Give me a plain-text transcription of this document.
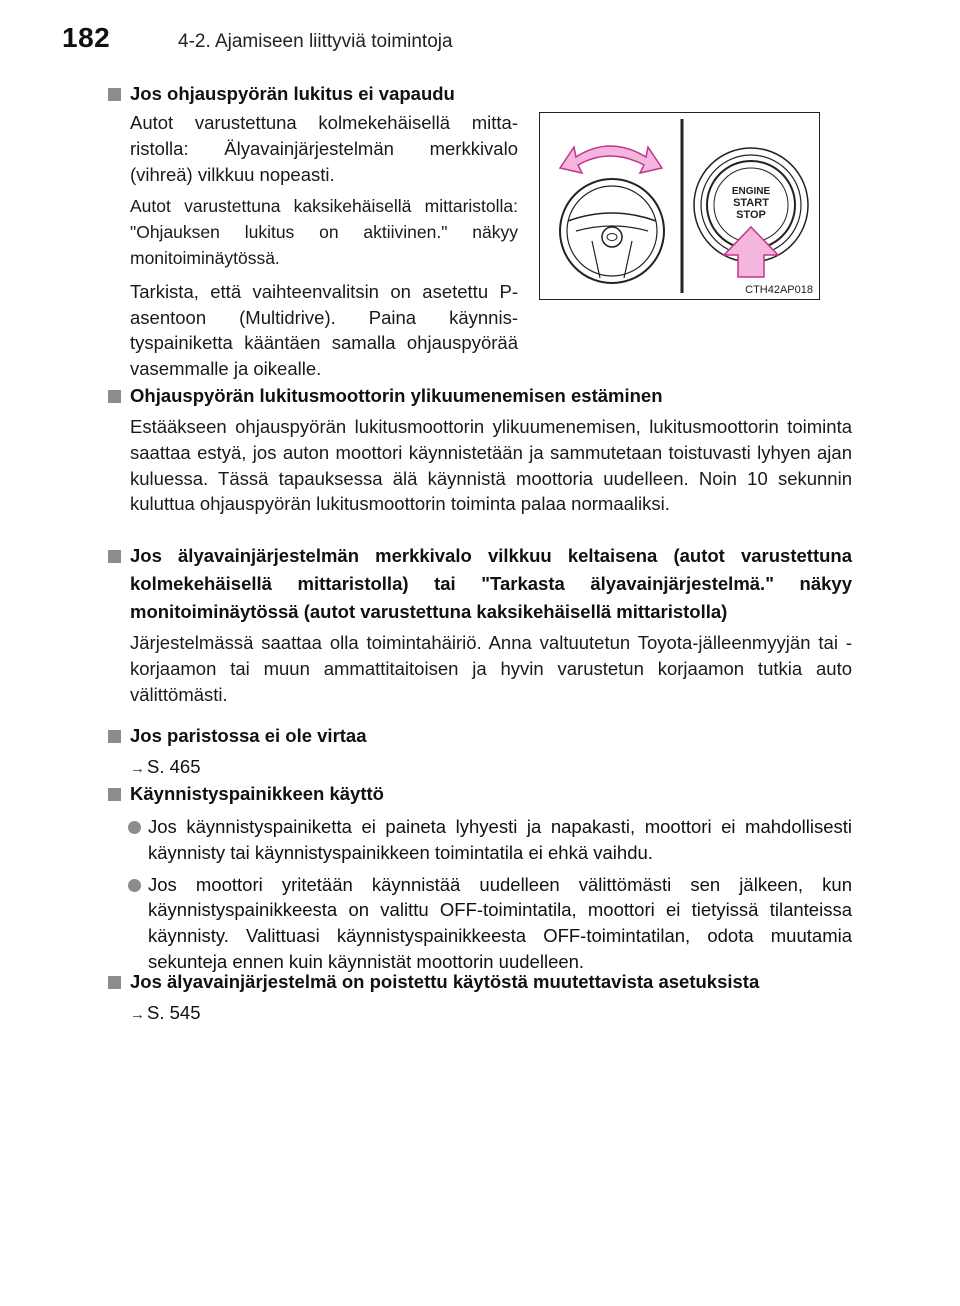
182	4-2. Ajamiseen liittyviä toimintoja
Jos ohjauspyörän lukitus ei vapaudu
Autot varustettuna kolmekehäisellä mittaristolla: Älyavainjärjestelmän merkkivalo (vihreä) vilkkuu nopeasti.
Autot varustettuna kaksikehäisellä mittaristolla: "Ohjauksen lukitus on aktiivinen." näkyy monitoiminäytössä.
Tarkista, että vaihteenvalitsin on asetettu P-asentoon (Multidrive). Paina käynnistyspainiketta kääntäen samalla ohjauspyörää vasemmalle ja oikealle.
ENGINE
START
STOP
CTH42AP018
Ohjauspyörän lukitusmoottorin ylikuumenemisen estäminen
Estääkseen ohjauspyörän lukitusmoottorin ylikuumenemisen, lukitusmoottorin toiminta saattaa estyä, jos auton moottori käynnistetään ja sammutetaan toistuvasti lyhyen ajan kuluessa. Tässä tapauksessa älä käynnistä moottoria uudelleen. Noin 10 sekunnin kuluttua ohjauspyörän lukitusmoottorin toiminta palaa normaaliksi.
Jos älyavainjärjestelmän merkkivalo vilkkuu keltaisena (autot varustettuna kolmekehäisellä mittaristolla) tai "Tarkasta älyavainjärjestelmä." näkyy monitoiminäytössä (autot varustettuna kaksikehäisellä mittaristolla)
Järjestelmässä saattaa olla toimintahäiriö. Anna valtuutetun Toyota-jälleenmyyjän tai -korjaamon tai muun ammattitaitoisen ja hyvin varustetun korjaamon tutkia auto välittömästi.
Jos paristossa ei ole virtaa
→ S. 465
Käynnistyspainikkeen käyttö
Jos käynnistyspainiketta ei paineta lyhyesti ja napakasti, moottori ei mahdollisesti käynnisty tai käynnistyspainikkeen toimintatila ei ehkä vaihdu.
Jos moottori yritetään käynnistää uudelleen välittömästi sen jälkeen, kun käynnistyspainikkeesta on valittu OFF-toimintatila, moottori ei tietyissä tilanteissa käynnisty. Valittuasi käynnistyspainikkeesta OFF-toimintatilan, odota muutamia sekunteja ennen kuin käynnistät moottorin uudelleen.
Jos älyavainjärjestelmä on poistettu käytöstä muutettavista asetuksista
→ S. 545
